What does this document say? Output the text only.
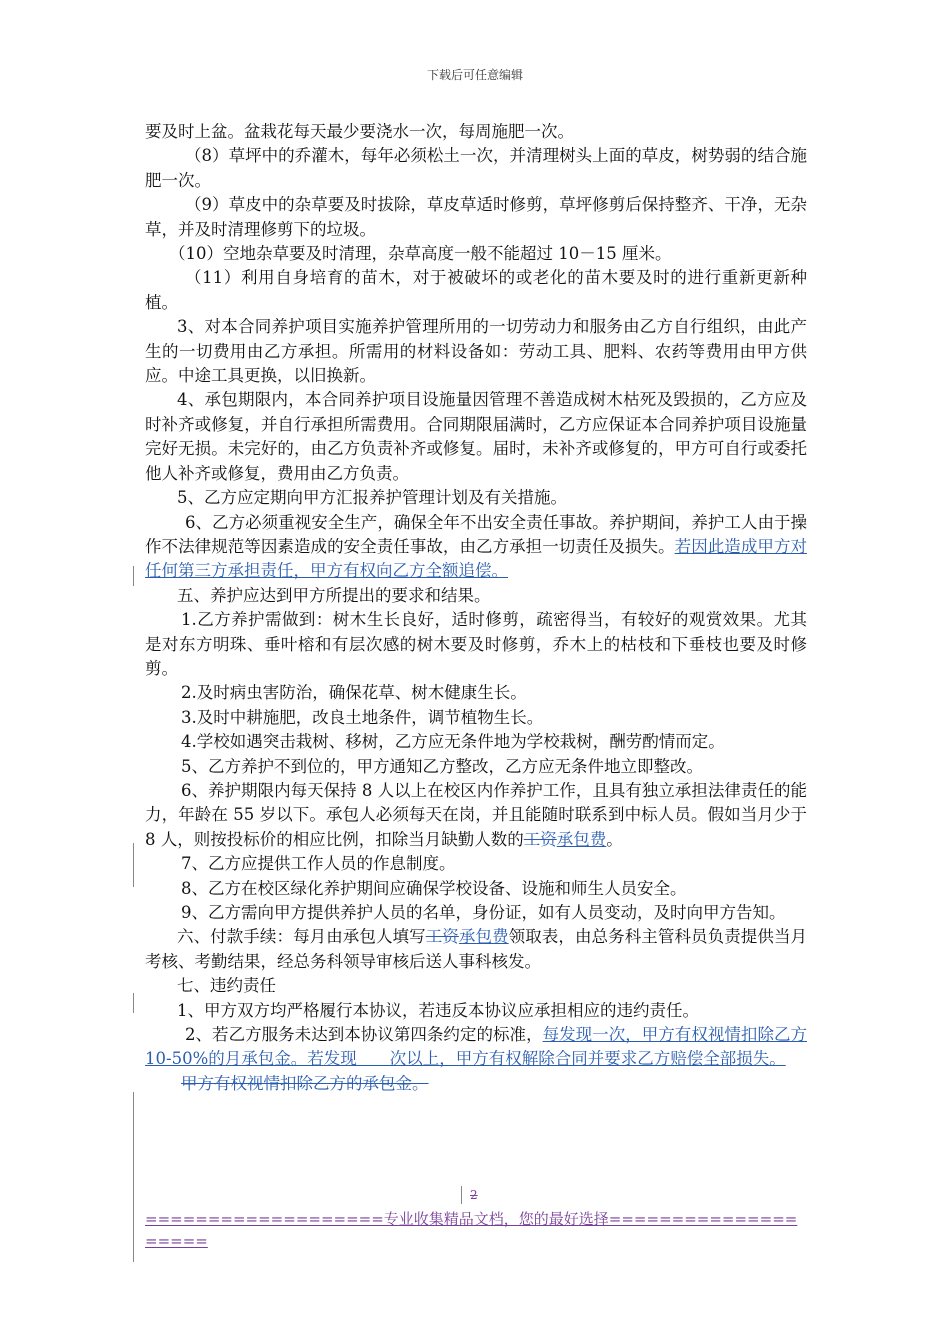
下载后可任意编辑

要及时上盆。盆栽花每天最少要浇水一次，每周施肥一次。

（8）草坪中的乔灌木，每年必须松土一次，并清理树头上面的草皮，树势弱的结合施肥一次。

（9）草皮中的杂草要及时拔除，草皮草适时修剪，草坪修剪后保持整齐、干净，无杂草，并及时清理修剪下的垃圾。

（10）空地杂草要及时清理，杂草高度一般不能超过 10－15 厘米。

（11）利用自身培育的苗木，对于被破坏的或老化的苗木要及时的进行重新更新种植。

3、对本合同养护项目实施养护管理所用的一切劳动力和服务由乙方自行组织，由此产生的一切费用由乙方承担。所需用的材料设备如：劳动工具、肥料、农药等费用由甲方供应。中途工具更换，以旧换新。

4、承包期限内，本合同养护项目设施量因管理不善造成树木枯死及毁损的，乙方应及时补齐或修复，并自行承担所需费用。合同期限届满时，乙方应保证本合同养护项目设施量完好无损。未完好的，由乙方负责补齐或修复。届时，未补齐或修复的，甲方可自行或委托他人补齐或修复，费用由乙方负责。

5、乙方应定期向甲方汇报养护管理计划及有关措施。

6、乙方必须重视安全生产，确保全年不出安全责任事故。养护期间，养护工人由于操作不法律规范等因素造成的安全责任事故，由乙方承担一切责任及损失。若因此造成甲方对任何第三方承担责任，甲方有权向乙方全额追偿。

五、养护应达到甲方所提出的要求和结果。

1.乙方养护需做到：树木生长良好，适时修剪，疏密得当，有较好的观赏效果。尤其是对东方明珠、垂叶榕和有层次感的树木要及时修剪，乔木上的枯枝和下垂枝也要及时修剪。

2.及时病虫害防治，确保花草、树木健康生长。

3.及时中耕施肥，改良土地条件，调节植物生长。

4.学校如遇突击栽树、移树，乙方应无条件地为学校栽树，酬劳酌情而定。

5、乙方养护不到位的，甲方通知乙方整改，乙方应无条件地立即整改。

6、养护期限内每天保持 8 人以上在校区内作养护工作，且具有独立承担法律责任的能力，年龄在 55 岁以下。承包人必须每天在岗，并且能随时联系到中标人员。假如当月少于 8 人，则按投标价的相应比例，扣除当月缺勤人数的工资承包费。

7、乙方应提供工作人员的作息制度。

8、乙方在校区绿化养护期间应确保学校设备、设施和师生人员安全。

9、乙方需向甲方提供养护人员的名单，身份证，如有人员变动，及时向甲方告知。

六、付款手续：每月由承包人填写工资承包费领取表，由总务科主管科员负责提供当月考核、考勤结果，经总务科领导审核后送人事科核发。

七、违约责任

1、甲方双方均严格履行本协议，若违反本协议应承担相应的违约责任。

2、若乙方服务未达到本协议第四条约定的标准，每发现一次，甲方有权视情扣除乙方 10-50%的月承包金。若发现　　次以上，甲方有权解除合同并要求乙方赔偿全部损失。

甲方有权视情扣除乙方的承包金。

2
===================专业收集精品文档，您的最好选择====================
